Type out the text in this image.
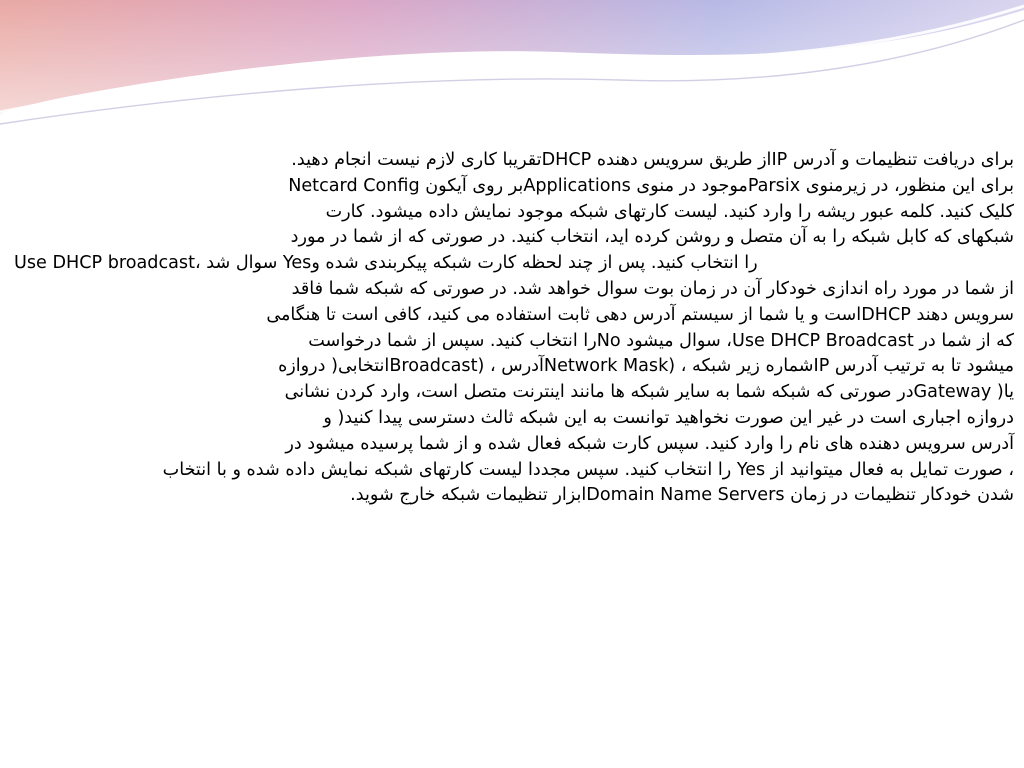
برای دریافت تنظیمات و آدرس IPاز طریق سرویس دهنده DHCPتقریبا کاری لازم نیست انجام دهید.
برای این منظور، در زیرمنوی Parsixموجود در منوی Applicationsبر روی آیکون Netcard Config
کلیک کنید. کلمه عبور ریشه را وارد کنید. لیست کارتهای شبکه موجود نمایش داده میشود. کارت
شبکهای که کابل شبکه را به آن متصل و روشن کرده اید، انتخاب کنید. در صورتی که از شما در مورد
Use DHCP broadcast، سوال شد Yesرا انتخاب کنید. پس از چند لحظه کارت شبکه پیکربندی شده و
از شما در مورد راه اندازی خودکار آن در زمان بوت سوال خواهد شد. در صورتی که شبکه شما فاقد
سرویس دهند DHCPاست و یا شما از سیستم آدرس دهی ثابت استفاده می کنید، کافی است تا هنگامی
که از شما در Use DHCP Broadcast، سوال میشود Noرا انتخاب کنید. سپس از شما درخواست
میشود تا به ترتیب آدرس IPشماره زیر شبکه ، (Network Maskآدرس ، (Broadcastانتخابی( دروازه
یا( Gatewayدر صورتی که شبکه شما به سایر شبکه ها مانند اینترنت متصل است، وارد کردن نشانی
دروازه اجباری است در غیر این صورت نخواهید توانست به این شبکه ثالث دسترسی پیدا کنید( و
آدرس سرویس دهنده های نام را وارد کنید. سپس کارت شبکه فعال شده و از شما پرسیده میشود در
، صورت تمایل به فعال میتوانید از Yes را انتخاب کنید. سپس مجددا لیست کارتهای شبکه نمایش داده شده و با انتخاب
شدن خودکار تنظیمات در زمان Domain Name Serversابزار تنظیمات شبکه خارج شوید.
